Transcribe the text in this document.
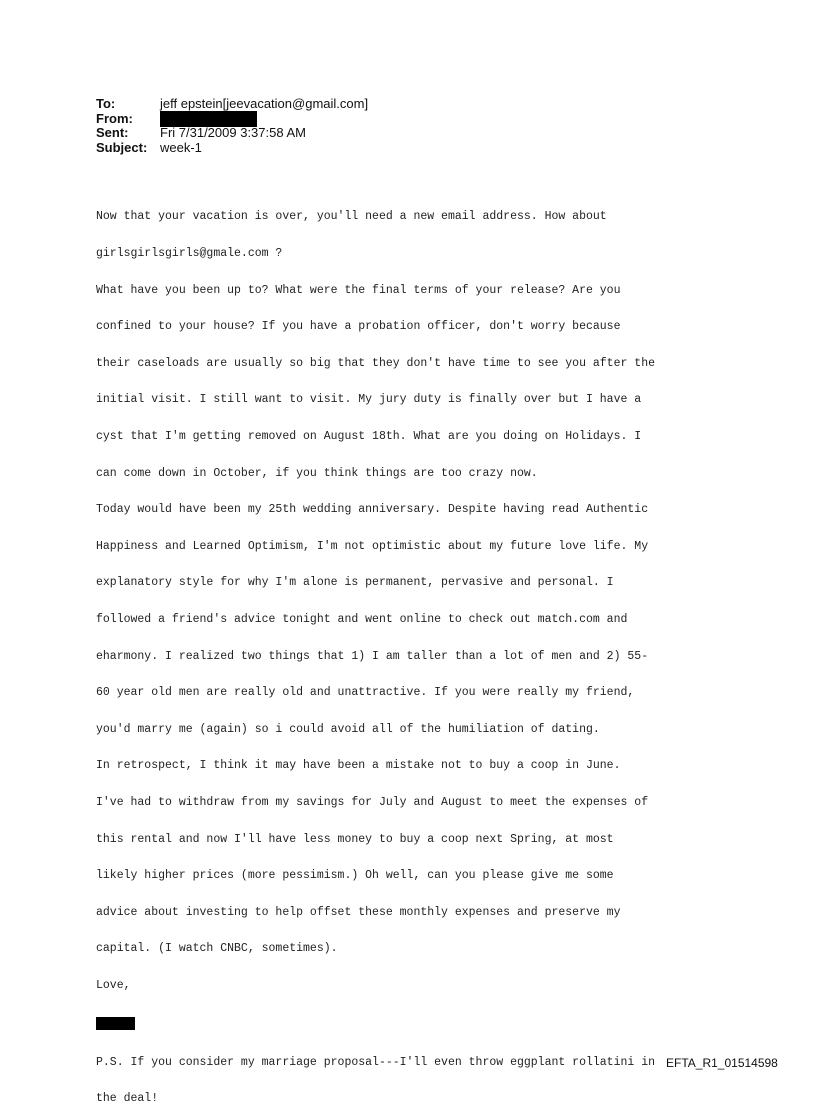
To:	jeff epstein[jeevacation@gmail.com]
From:
Sent:	Fri 7/31/2009 3:37:58 AM
Subject: week-1

Now that your vacation is over, you'll need a new email address. How about

girlsgirlsgirls@gmale.com ?

What have you been up to? What were the final terms of your release? Are you

confined to your house? If you have a probation officer, don't worry because

their caseloads are usually so big that they don't have time to see you after the

initial visit. I still want to visit. My jury duty is finally over but I have a

cyst that I'm getting removed on August 18th. What are you doing on Holidays. I

can come down in October, if you think things are too crazy now.

Today would have been my 25th wedding anniversary. Despite having read Authentic

Happiness and Learned Optimism, I'm not optimistic about my future love life. My

explanatory style for why I'm alone is permanent, pervasive and personal. I

followed a friend's advice tonight and went online to check out match.com and

eharmony. I realized two things that 1) I am taller than a lot of men and 2) 55-

60 year old men are really old and unattractive. If you were really my friend,

you'd marry me (again) so i could avoid all of the humiliation of dating.

In retrospect, I think it may have been a mistake not to buy a coop in June.

I've had to withdraw from my savings for July and August to meet the expenses of

this rental and now I'll have less money to buy a coop next Spring, at most

likely higher prices (more pessimism.) Oh well, can you please give me some

advice about investing to help offset these monthly expenses and preserve my

capital. (I watch CNBC, sometimes).

Love,

P.S. If you consider my marriage proposal---I'll even throw eggplant rollatini in

the deal!

EFTA_R1_01514598
